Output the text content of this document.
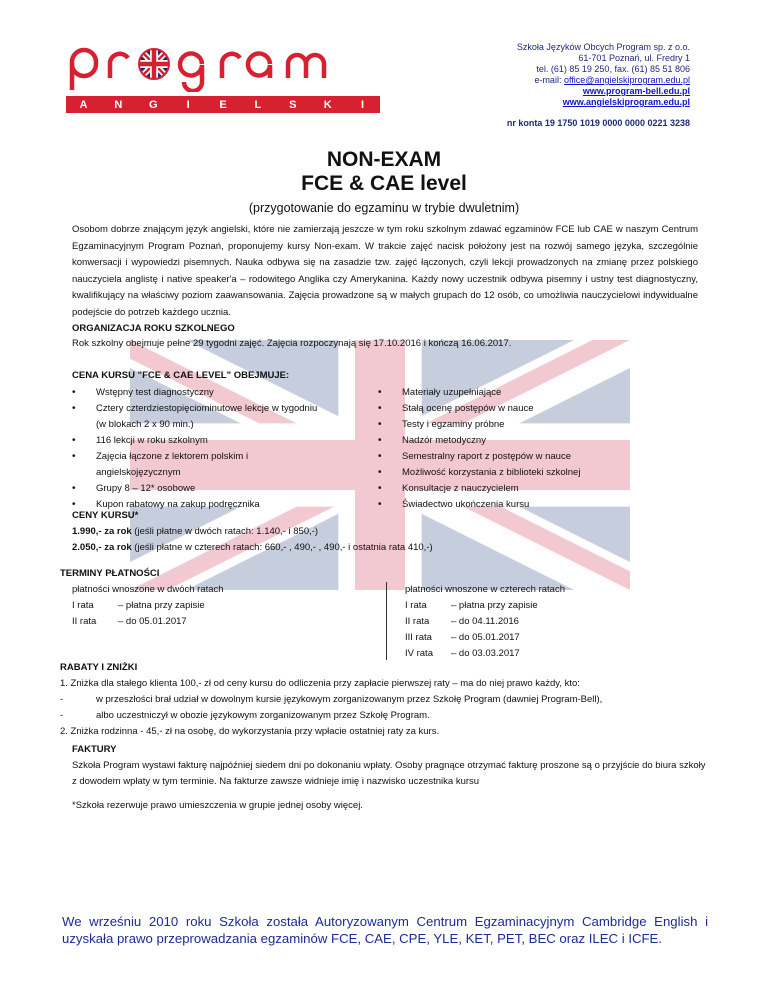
A	N	G	I	E	L	S	K	I
Szkoła Języków Obcych Program sp. z o.o.
61-701 Poznań, ul. Fredry 1
tel. (61) 85 19 250, fax. (61) 85 51 806
e-mail: office@angielskiprogram.edu.pl
www.program-bell.edu.pl
www.angielskiprogram.edu.pl
nr konta 19 1750 1019 0000 0000 0221 3238
NON-EXAM
FCE & CAE level
(przygotowanie do egzaminu w trybie dwuletnim)
Osobom dobrze znającym język angielski, które nie zamierzają jeszcze w tym roku szkolnym zdawać egzaminów FCE lub CAE w naszym Centrum Egzaminacyjnym Program Poznań, proponujemy kursy Non-exam. W trakcie zajęć nacisk położony jest na rozwój samego języka, szczególnie konwersacji i wypowiedzi pisemnych. Nauka odbywa się na zasadzie tzw. zajęć łączonych, czyli lekcji prowadzonych na zmianę przez polskiego nauczyciela anglistę i native speaker'a – rodowitego Anglika czy Amerykanina. Każdy nowy uczestnik odbywa pisemny i ustny test diagnostyczny, kwalifikujący na właściwy poziom zaawansowania. Zajęcia prowadzone są w małych grupach do 12 osób, co umożliwia nauczycielowi indywidualne podejście do potrzeb każdego ucznia.
ORGANIZACJA ROKU SZKOLNEGO
Rok szkolny obejmuje pełne 29 tygodni zajęć. Zajęcia rozpoczynają się 17.10.2016 i kończą 16.06.2017.
CENA KURSU "FCE & CAE LEVEL" OBEJMUJE:
• Wstępny test diagnostyczny
• Cztery czterdziestopięciominutowe lekcje w tygodniu (w blokach 2 x 90 min.)
• 116 lekcji w roku szkolnym
• Zajęcia łączone z lektorem polskim i angielskojęzycznym
• Grupy 8 – 12* osobowe
• Kupon rabatowy na zakup podręcznika
• Materiały uzupełniające
• Stałą ocenę postępów w nauce
• Testy i egzaminy próbne
• Nadzór metodyczny
• Semestralny raport z postępów w nauce
• Możliwość korzystania z biblioteki szkolnej
• Konsultacje z nauczycielem
• Świadectwo ukończenia kursu
CENY KURSU*
1.990,- za rok (jeśli płatne w dwóch ratach: 1.140,- i 850,-)
2.050,- za rok (jeśli płatne w czterech ratach: 660,- , 490,- , 490,- i ostatnia rata 410,-)
TERMINY PŁATNOŚCI
płatności wnoszone w dwóch ratach
I rata	– płatna przy zapisie
II rata	– do 05.01.2017
płatności wnoszone w czterech ratach
I rata	– płatna przy zapisie
II rata	– do 04.11.2016
III rata	– do 05.01.2017
IV rata	– do 03.03.2017
RABATY I ZNIŻKI
1. Zniżka dla stałego klienta 100,- zł od ceny kursu do odliczenia przy zapłacie pierwszej raty – ma do niej prawo każdy, kto:
-	w przeszłości brał udział w dowolnym kursie językowym zorganizowanym przez Szkołę Program (dawniej Program-Bell),
-	albo uczestniczył w obozie językowym zorganizowanym przez Szkołę Program.
2. Zniżka rodzinna - 45,- zł na osobę, do wykorzystania przy wpłacie ostatniej raty za kurs.
FAKTURY
Szkoła Program wystawi fakturę najpóźniej siedem dni po dokonaniu wpłaty. Osoby pragnące otrzymać fakturę proszone są o przyjście do biura szkoły z dowodem wpłaty w tym terminie. Na fakturze zawsze widnieje imię i nazwisko uczestnika kursu
*Szkoła rezerwuje prawo umieszczenia w grupie jednej osoby więcej.
We wrześniu 2010 roku Szkoła została Autoryzowanym Centrum Egzaminacyjnym Cambridge English i uzyskała prawo przeprowadzania egzaminów FCE, CAE, CPE, YLE, KET, PET, BEC oraz ILEC i ICFE.
